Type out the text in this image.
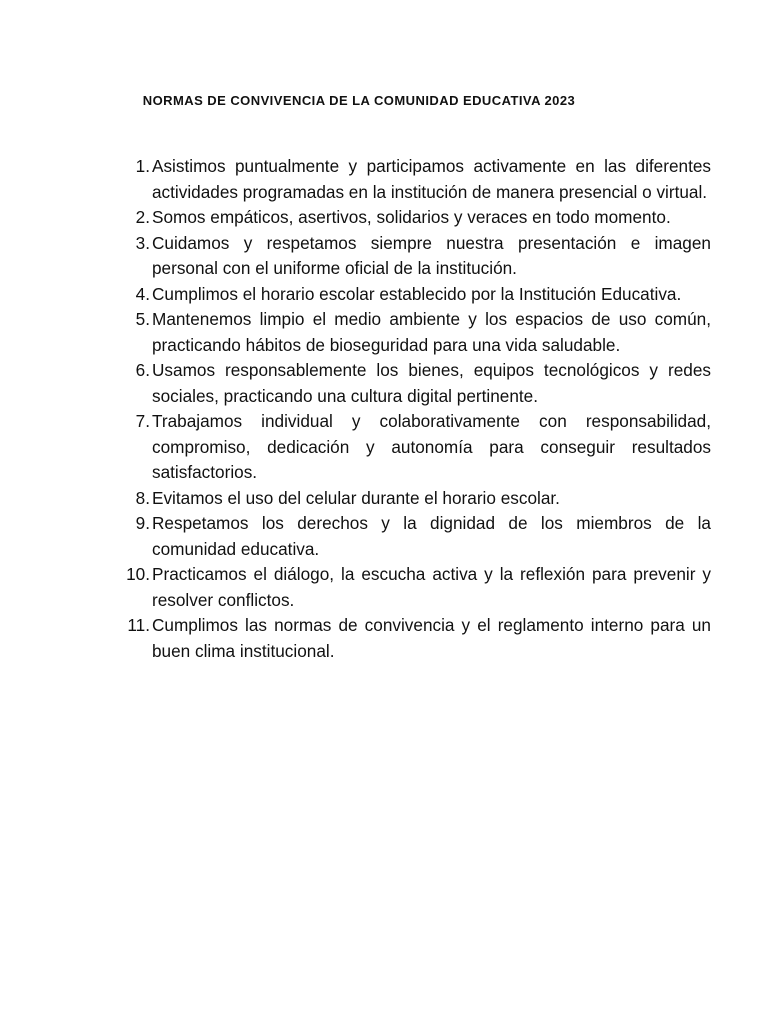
NORMAS DE CONVIVENCIA DE LA COMUNIDAD EDUCATIVA 2023
1. Asistimos puntualmente y participamos activamente en las diferentes actividades programadas en la institución de manera presencial o virtual.
2. Somos empáticos, asertivos, solidarios y veraces en todo momento.
3. Cuidamos y respetamos siempre nuestra presentación e imagen personal con el uniforme oficial de la institución.
4. Cumplimos el horario escolar establecido por la Institución Educativa.
5. Mantenemos limpio el medio ambiente y los espacios de uso común, practicando hábitos de bioseguridad para una vida saludable.
6. Usamos responsablemente los bienes, equipos tecnológicos y redes sociales, practicando una cultura digital pertinente.
7. Trabajamos individual y colaborativamente con responsabilidad, compromiso, dedicación y autonomía para conseguir resultados satisfactorios.
8. Evitamos el uso del celular durante el horario escolar.
9. Respetamos los derechos y la dignidad de los miembros de la comunidad educativa.
10. Practicamos el diálogo, la escucha activa y la reflexión para prevenir y resolver conflictos.
11. Cumplimos las normas de convivencia y el reglamento interno para un buen clima institucional.
